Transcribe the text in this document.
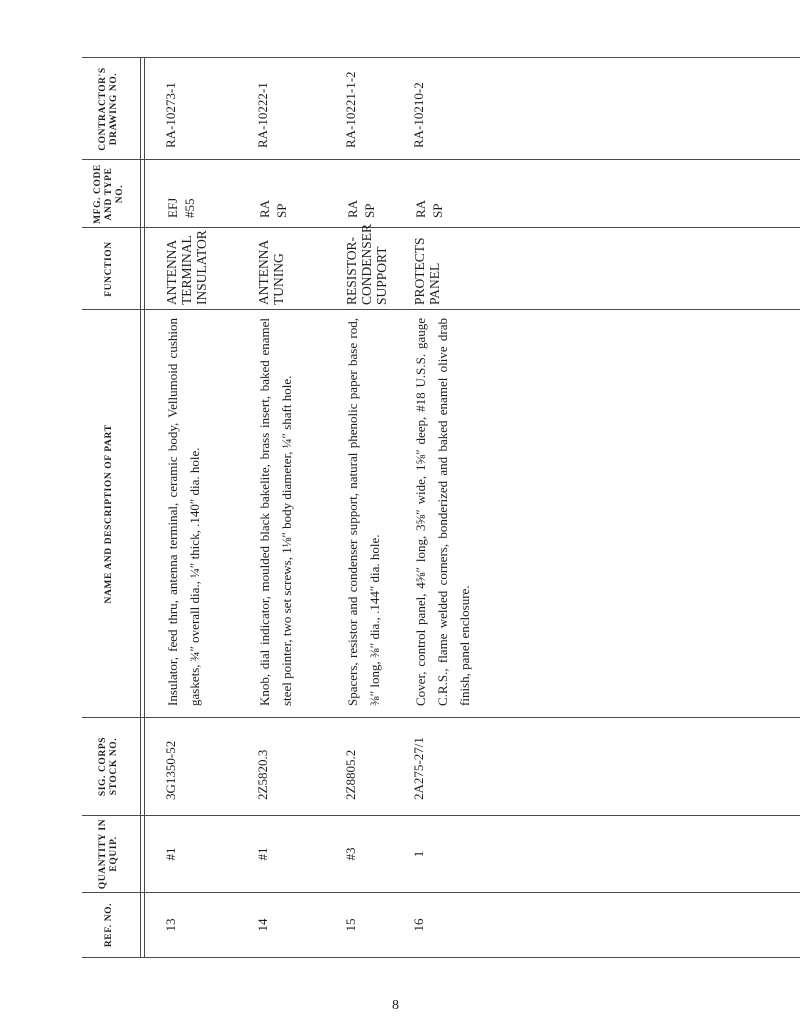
REF. NO.
QUANTITY IN EQUIP.
SIG. CORPS STOCK NO.
NAME AND DESCRIPTION OF PART
FUNCTION
MFG. CODE AND TYPE NO.
CONTRACTOR'S DRAWING NO.
13
#1
3G1350-52
Insulator, feed thru, antenna terminal, ceramic body, Vellumoid cushion gaskets, ¾″ overall dia., ¼″ thick, .140″ dia. hole.
ANTENNA
TERMINAL
INSULATOR
EFJ
#55
RA-10273-1
14
#1
2Z5820.3
Knob, dial indicator, moulded black bakelite, brass insert, baked enamel steel pointer, two set screws, 1⅛″ body diameter, ¼″ shaft hole.
ANTENNA
TUNING
RA
SP
RA-10222-1
15
#3
2Z8805.2
Spacers, resistor and condenser support, natural phenolic paper base rod, ⅜″ long, ⅜″ dia., .144″ dia. hole.
RESISTOR-
CONDENSER
SUPPORT
RA
SP
RA-10221-1-2
16
1
2A275-27/1
Cover, control panel, 4⅝″ long, 3⅝″ wide, 1⅝″ deep, #18 U.S.S. gauge C.R.S., flame welded corners, bonderized and baked enamel olive drab finish, panel enclosure.
PROTECTS
PANEL
RA
SP
RA-10210-2
8
